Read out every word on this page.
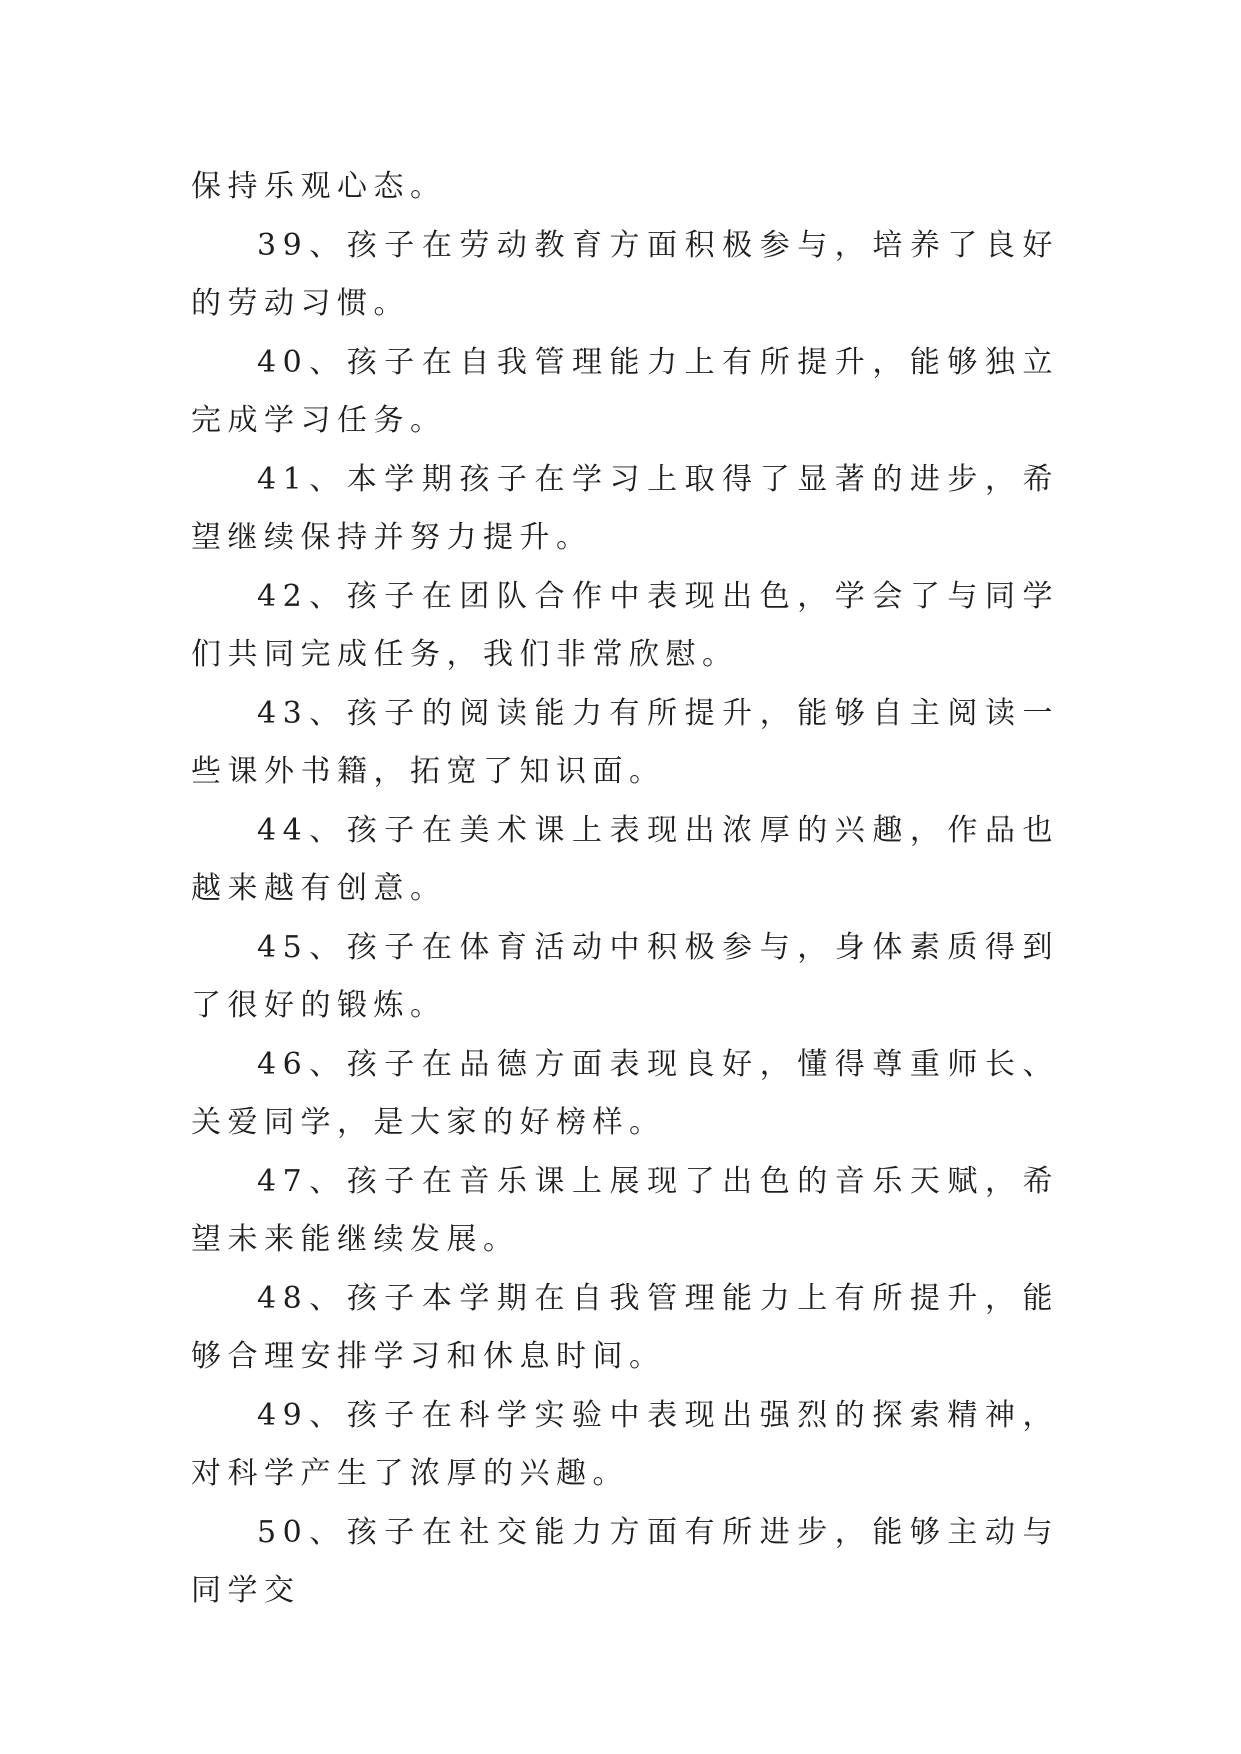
保持乐观心态。

39、孩子在劳动教育方面积极参与，培养了良好的劳动习惯。

40、孩子在自我管理能力上有所提升，能够独立完成学习任务。

41、本学期孩子在学习上取得了显著的进步，希望继续保持并努力提升。

42、孩子在团队合作中表现出色，学会了与同学们共同完成任务，我们非常欣慰。

43、孩子的阅读能力有所提升，能够自主阅读一些课外书籍，拓宽了知识面。

44、孩子在美术课上表现出浓厚的兴趣，作品也越来越有创意。

45、孩子在体育活动中积极参与，身体素质得到了很好的锻炼。

46、孩子在品德方面表现良好，懂得尊重师长、关爱同学，是大家的好榜样。

47、孩子在音乐课上展现了出色的音乐天赋，希望未来能继续发展。

48、孩子本学期在自我管理能力上有所提升，能够合理安排学习和休息时间。

49、孩子在科学实验中表现出强烈的探索精神，对科学产生了浓厚的兴趣。

50、孩子在社交能力方面有所进步，能够主动与同学交
